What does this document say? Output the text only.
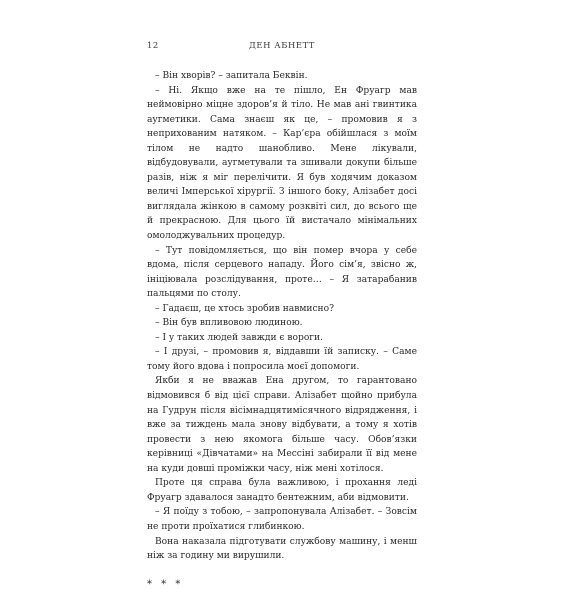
12	ДЕН АБНЕТТ

– Він хворів? – запитала Беквін.

– Ні. Якщо вже на те пішло, Ен Фруагр мав неймовірно міцне здоров’я й тіло. Не мав ані гвинтика аугметики. Сама знаєш як це, – промовив я з неприхованим натяком. – Кар’єра обійшлася з моїм тілом не надто шанобливо. Мене лікували, відбудовували, аугметували та зшивали докупи більше разів, ніж я міг перелічити. Я був ходячим доказом величі Імперської хірургії. З іншого боку, Алізабет досі виглядала жінкою в самому розквіті сил, до всього ще й прекрасною. Для цього їй вистачало мінімальних омолоджувальних процедур.

– Тут повідомляється, що він помер вчора у себе вдома, після серцевого нападу. Його сім’я, звісно ж, ініціювала розслідування, проте… – Я затарабанив пальцями по столу.

– Гадаєш, це хтось зробив навмисно?

– Він був впливовою людиною.

– І у таких людей завжди є вороги.

– І друзі, – промовив я, віддавши їй записку. – Саме тому його вдова і попросила моєї допомоги.

Якби я не вважав Ена другом, то гарантовано відмовився б від цієї справи. Алізабет щойно прибула на Гудрун після вісімнадцятимісячного відрядження, і вже за тиждень мала знову відбувати, а тому я хотів провести з нею якомога більше часу. Обов’язки керівниці «Дівчатами» на Мессіні забирали її від мене на куди довші проміжки часу, ніж мені хотілося.

Проте ця справа була важливою, і прохання леді Фруагр здавалося занадто бентежним, аби відмовити.

– Я поїду з тобою, – запропонувала Алізабет. – Зовсім не проти проїхатися глибинкою.

Вона наказала підготувати службову машину, і менш ніж за годину ми вирушили.

* * *
